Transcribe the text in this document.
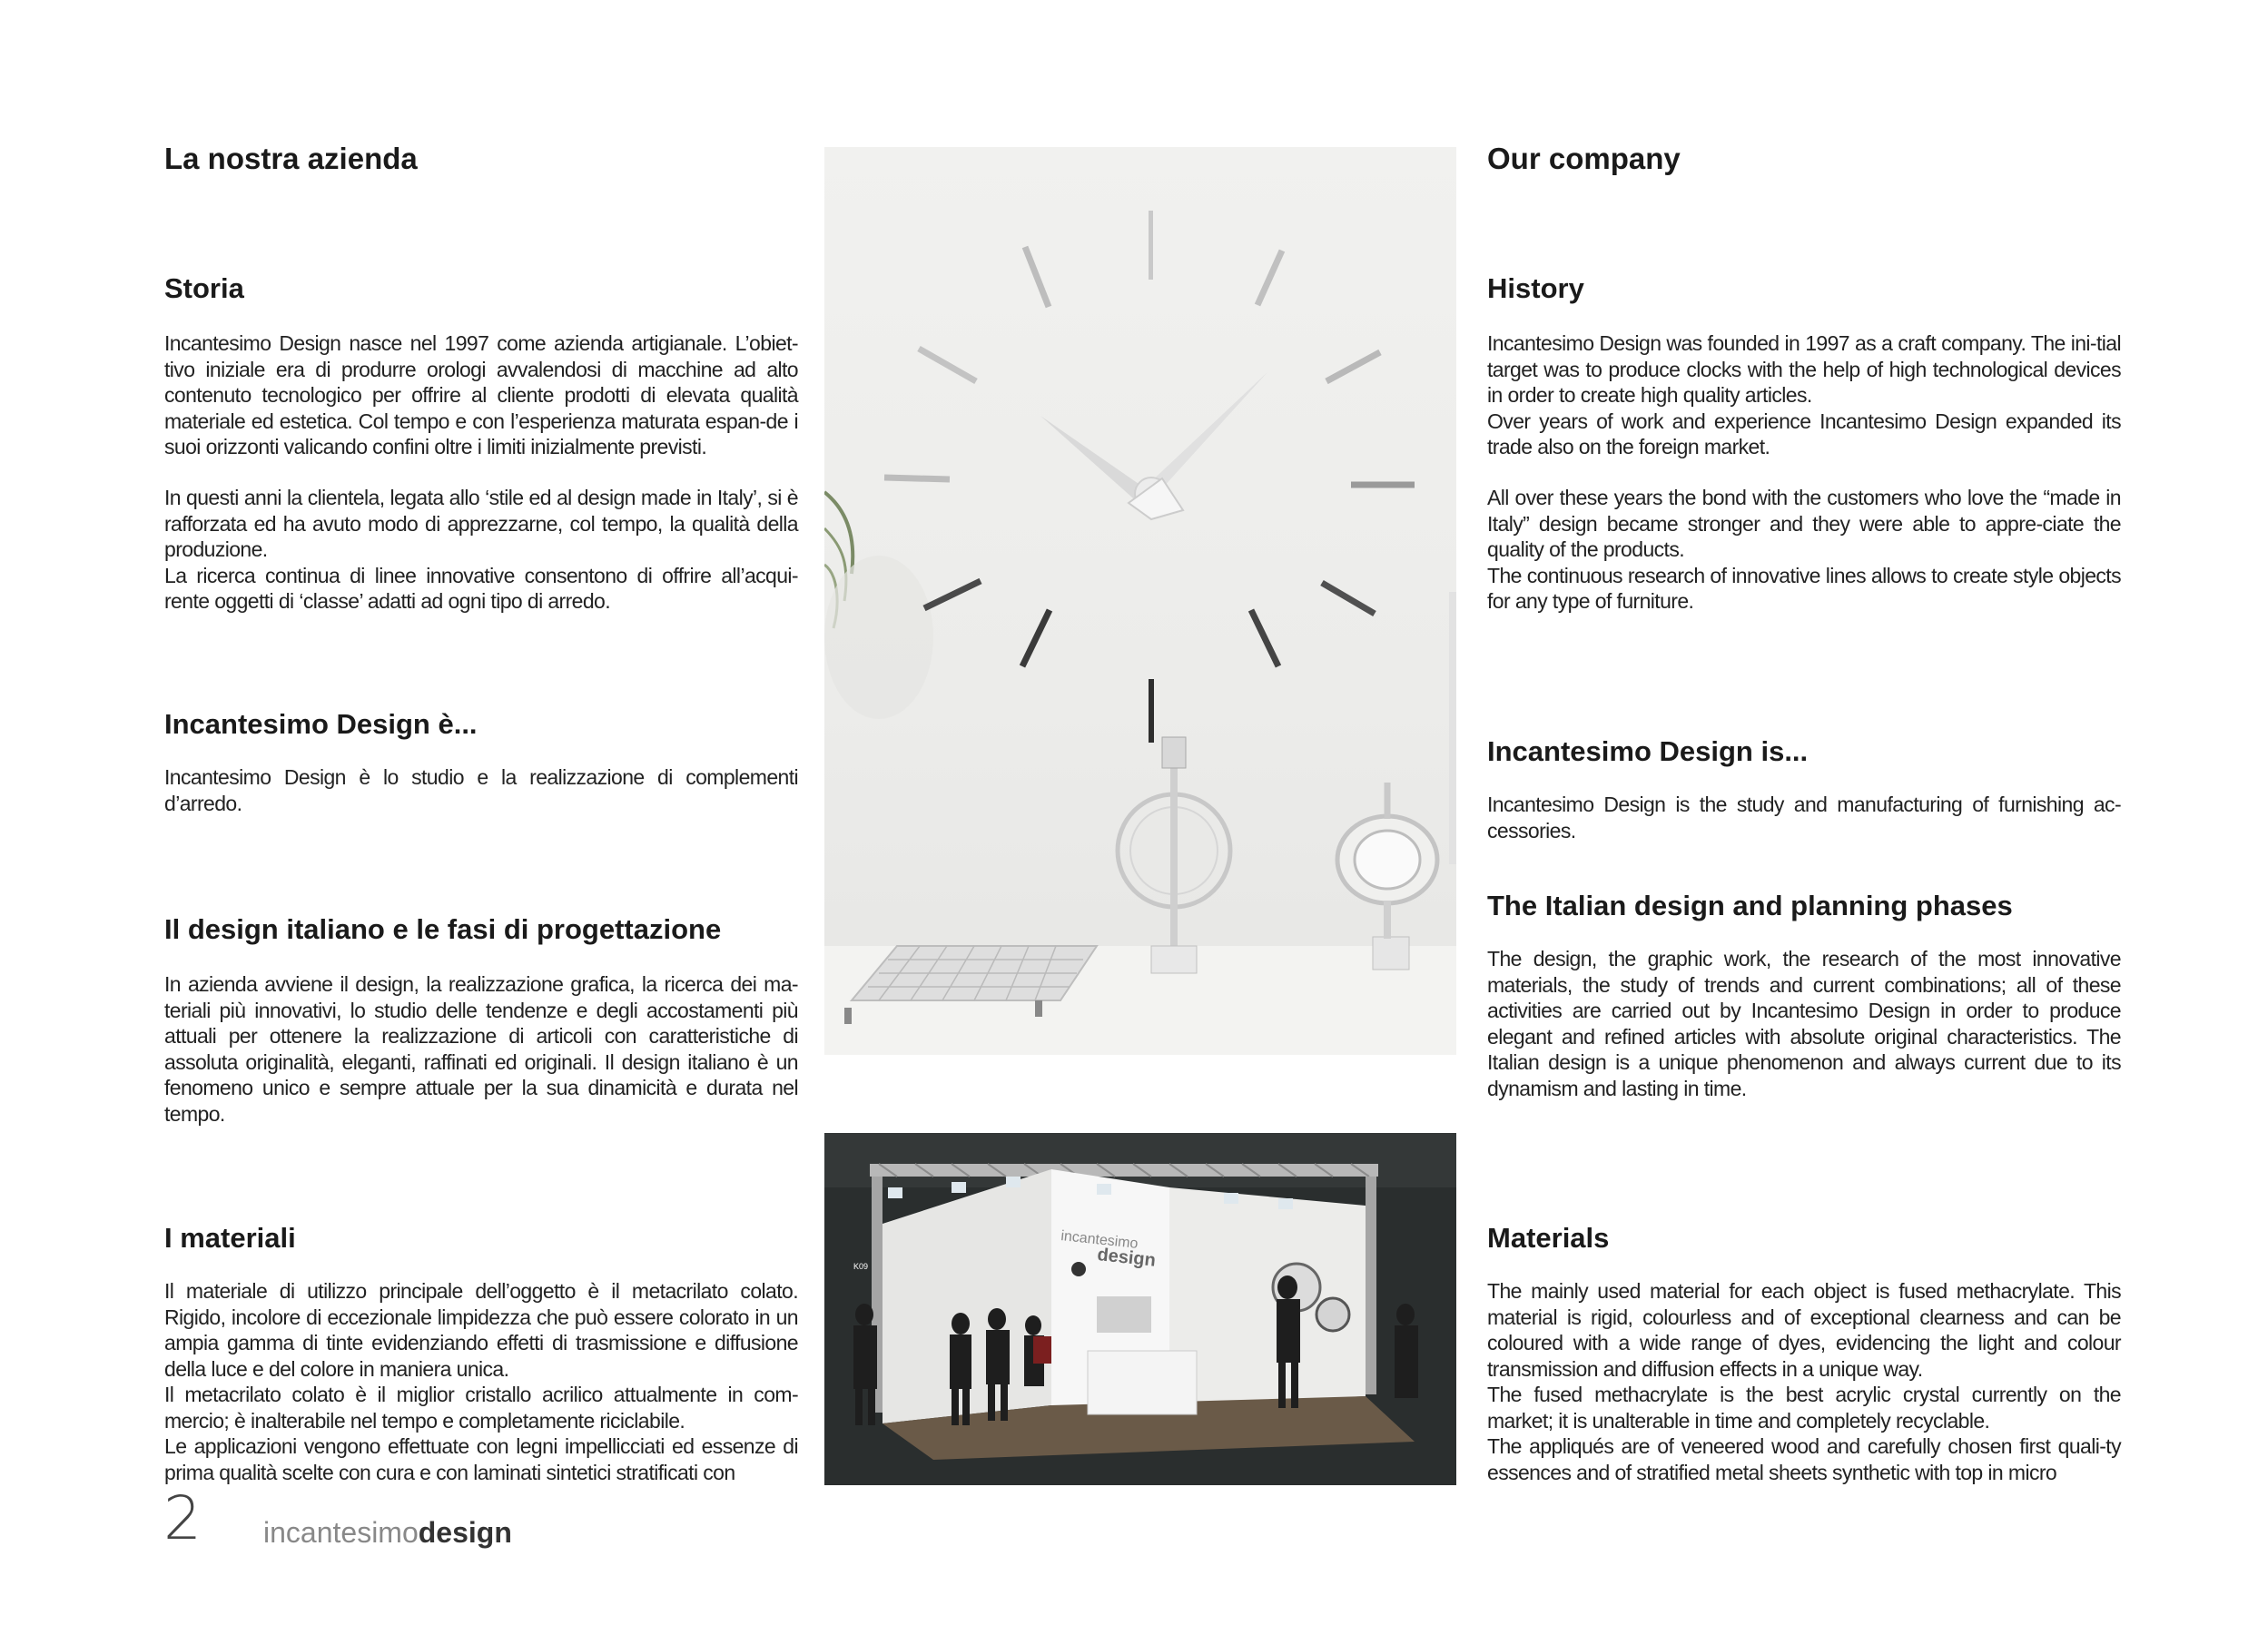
La nostra azienda
Storia

Incantesimo Design nasce nel 1997 come azienda artigianale. L’obiet-tivo iniziale era di produrre orologi avvalendosi di macchine ad alto contenuto tecnologico per offrire al cliente prodotti di elevata qualità materiale ed estetica. Col tempo e con l’esperienza maturata espan-de i suoi orizzonti valicando confini oltre i limiti inizialmente previsti.

In questi anni la clientela, legata allo ‘stile ed al design made in Italy’, si è rafforzata ed ha avuto modo di apprezzarne, col tempo, la qualità della produzione.
La ricerca continua di linee innovative consentono di offrire all’acqui-rente oggetti di ‘classe’ adatti ad ogni tipo di arredo.

Incantesimo Design è...

Incantesimo Design è lo studio e la realizzazione di complementi d’arredo.

Il design italiano e le fasi di progettazione

In azienda avviene il design, la realizzazione grafica, la ricerca dei ma-teriali più innovativi, lo studio delle tendenze e degli accostamenti più attuali per ottenere la realizzazione di articoli con caratteristiche di assoluta originalità, eleganti, raffinati ed originali. Il design italiano è un fenomeno unico e sempre attuale per la sua dinamicità e durata nel tempo.

I materiali

Il materiale di utilizzo principale dell’oggetto è il metacrilato colato. Rigido, incolore di eccezionale limpidezza che può essere colorato in un ampia gamma di tinte evidenziando effetti di trasmissione e diffusione della luce e del colore in maniera unica.
Il metacrilato colato è il miglior cristallo acrilico attualmente in com-mercio; è inalterabile nel tempo e completamente riciclabile.
Le applicazioni vengono effettuate con legni impellicciati ed essenze di prima qualità scelte con cura e con laminati sintetici stratificati con

Our company
History

Incantesimo Design was founded in 1997 as a craft company. The ini-tial target was to produce clocks with the help of high technological devices in order to create high quality articles.
Over years of work and experience Incantesimo Design expanded its trade also on the foreign market.

All over these years the bond with the customers who love the “made in Italy” design became stronger and they were able to appre-ciate the quality of the products.
The continuous research of innovative lines allows to create style objects for any type of furniture.

Incantesimo Design is...

Incantesimo Design is the study and manufacturing of furnishing ac-cessories.

The Italian design and planning phases

The design, the graphic work, the research of the most innovative materials, the study of trends and current combinations; all of these activities are carried out by Incantesimo Design in order to produce elegant and refined articles with absolute original characteristics. The Italian design is a unique phenomenon and always current due to its dynamism and lasting in time.

Materials

The mainly used material for each object is fused methacrylate. This material is rigid, colourless and of exceptional clearness and can be coloured with a wide range of dyes, evidencing the light and colour transmission and diffusion effects in a unique way.
The fused methacrylate is the best acrylic crystal currently on the market; it is unalterable in time and completely recyclable.
The appliqués are of veneered wood and carefully chosen first quali-ty essences and of stratified metal sheets synthetic with top in micro

incantesimo
design
K09
2 incantesimodesign
